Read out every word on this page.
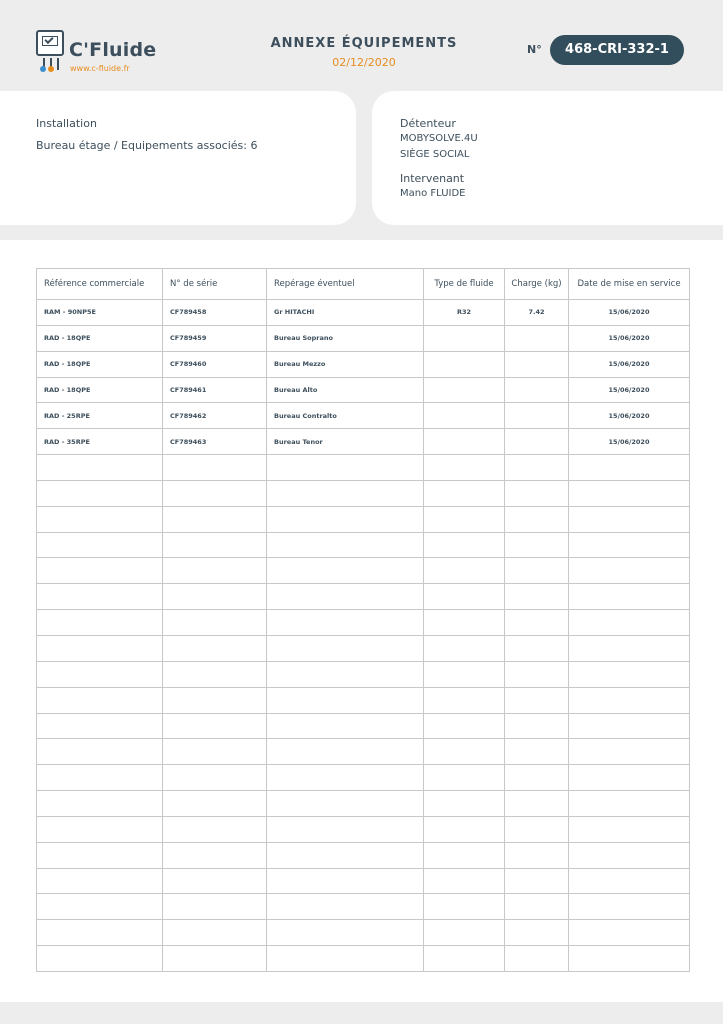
C'Fluide
www.c-fluide.fr
ANNEXE ÉQUIPEMENTS
02/12/2020
N°	468-CRI-332-1
Installation
Bureau étage / Equipements associés: 6
Détenteur
MOBYSOLVE.4U
SIÈGE SOCIAL
Intervenant
Mano FLUIDE
Référence commerciale	N° de série	Repérage éventuel	Type de fluide	Charge (kg)	Date de mise en service
RAM - 90NP5E	CF789458	Gr HITACHI	R32	7.42	15/06/2020
RAD - 18QPE	CF789459	Bureau Soprano			15/06/2020
RAD - 18QPE	CF789460	Bureau Mezzo			15/06/2020
RAD - 18QPE	CF789461	Bureau Alto			15/06/2020
RAD - 25RPE	CF789462	Bureau Contralto			15/06/2020
RAD - 35RPE	CF789463	Bureau Tenor			15/06/2020
